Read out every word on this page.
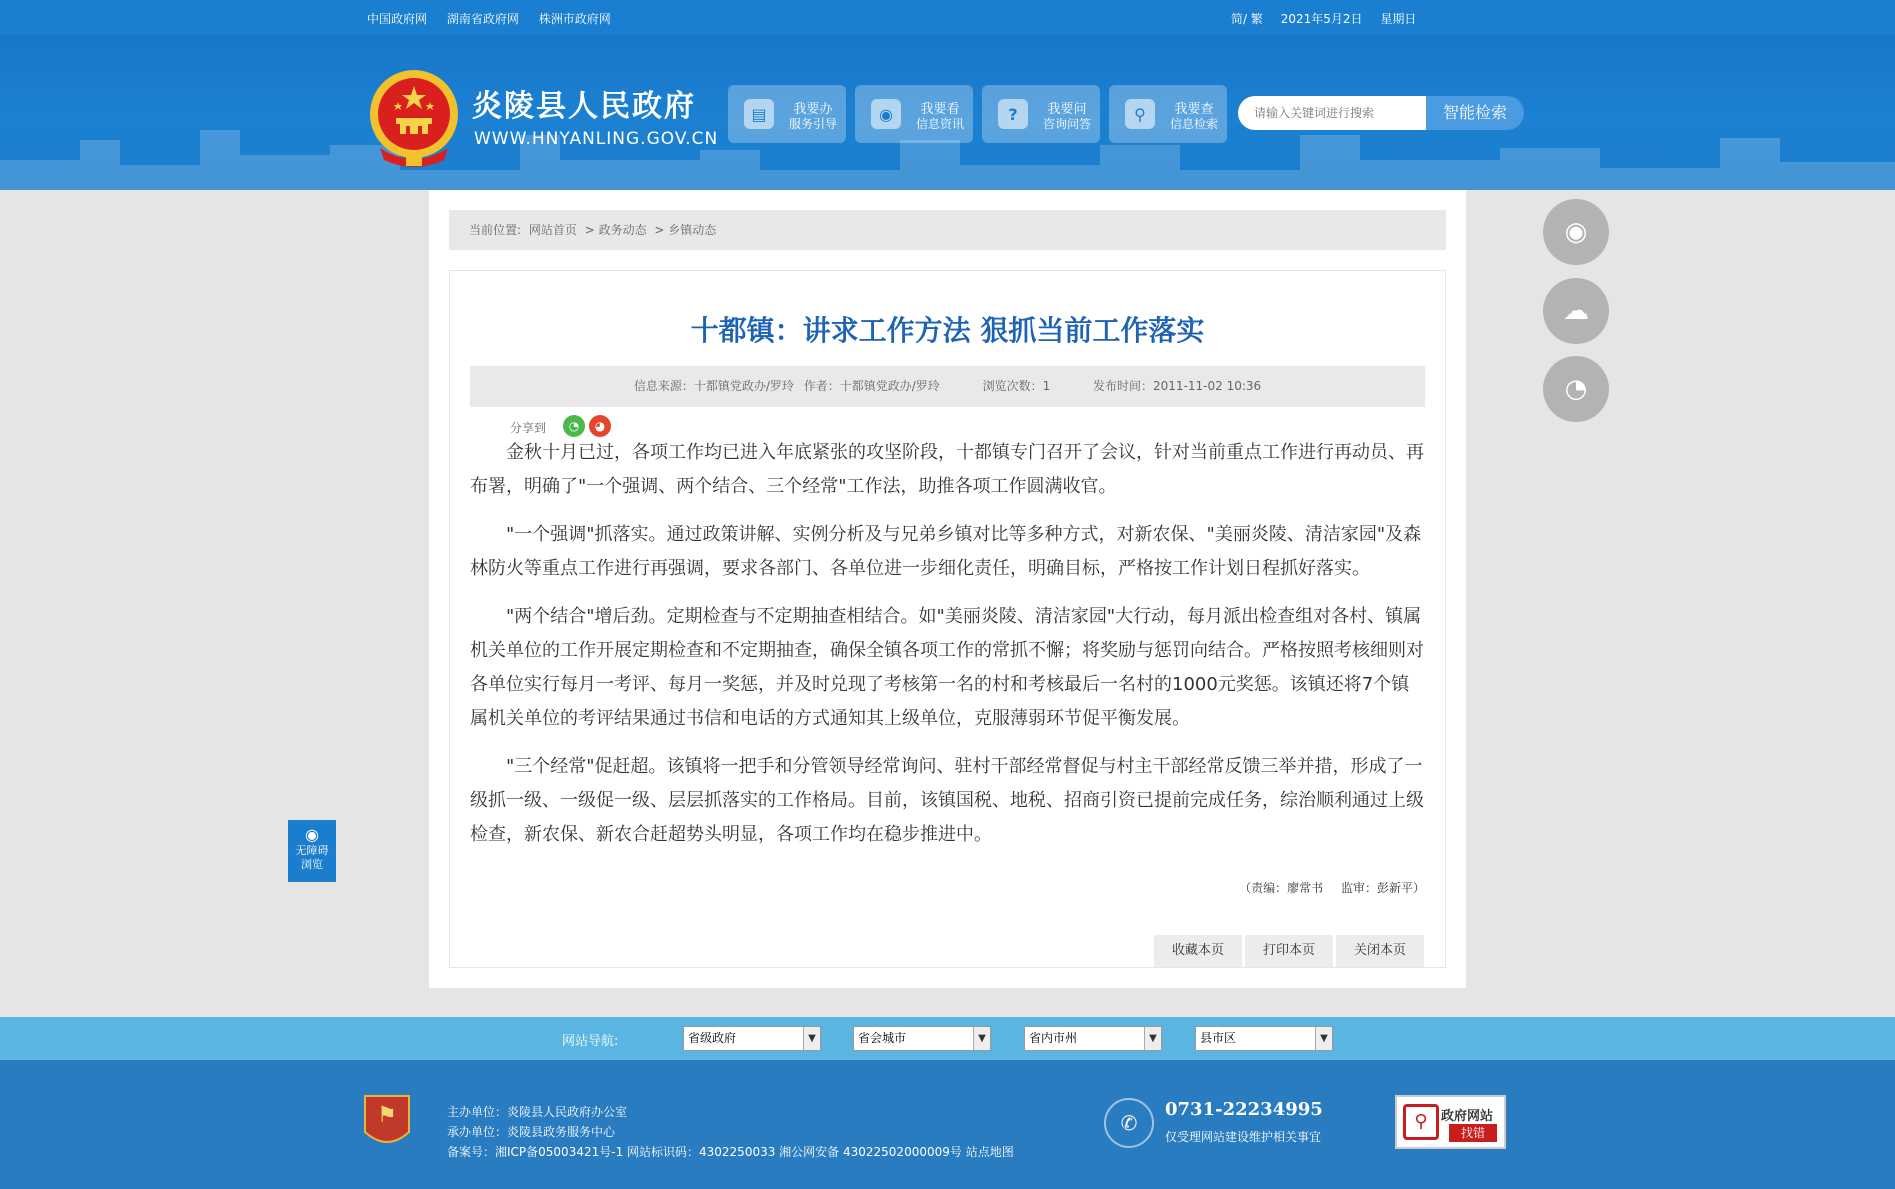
中国政府网 湖南省政府网 株洲市政府网	简/ 繁 2021年5月2日 星期日
炎陵县人民政府
WWW.HNYANLING.GOV.CN
▤	我要办
服务引导
◉	我要看
信息资讯
?	我要问
咨询问答
⚲	我要查
信息检索
请输入关键词进行搜索
智能检索
当前位置: 网站首页 > 政务动态 > 乡镇动态
十都镇：讲求工作方法 狠抓当前工作落实
信息来源：十都镇党政办/罗玲 作者：十都镇党政办/罗玲	浏览次数：1	发布时间：2011-11-02 10:36
分享到	◔	◕

金秋十月已过，各项工作均已进入年底紧张的攻坚阶段，十都镇专门召开了会议，针对当前重点工作进行再动员、再布署，明确了"一个强调、两个结合、三个经常"工作法，助推各项工作圆满收官。

"一个强调"抓落实。通过政策讲解、实例分析及与兄弟乡镇对比等多种方式，对新农保、"美丽炎陵、清洁家园"及森林防火等重点工作进行再强调，要求各部门、各单位进一步细化责任，明确目标，严格按工作计划日程抓好落实。

"两个结合"增后劲。定期检查与不定期抽查相结合。如"美丽炎陵、清洁家园"大行动，每月派出检查组对各村、镇属机关单位的工作开展定期检查和不定期抽查，确保全镇各项工作的常抓不懈；将奖励与惩罚向结合。严格按照考核细则对各单位实行每月一考评、每月一奖惩，并及时兑现了考核第一名的村和考核最后一名村的1000元奖惩。该镇还将7个镇属机关单位的考评结果通过书信和电话的方式通知其上级单位，克服薄弱环节促平衡发展。

"三个经常"促赶超。该镇将一把手和分管领导经常询问、驻村干部经常督促与村主干部经常反馈三举并措，形成了一级抓一级、一级促一级、层层抓落实的工作格局。目前，该镇国税、地税、招商引资已提前完成任务，综治顺利通过上级检查，新农保、新农合赶超势头明显，各项工作均在稳步推进中。

（责编：廖常书 监审：彭新平）
收藏本页	打印本页	关闭本页
◉
☁
◔
◉
无障碍
浏览
网站导航:	省级政府	▼	省会城市	▼	省内市州	▼	县市区	▼
⚑	主办单位：炎陵县人民政府办公室
承办单位：炎陵县政务服务中心
备案号：湘ICP备05003421号-1 网站标识码：4302250033 湘公网安备 43022502000009号 站点地图
✆
0731-22234995
仅受理网站建设维护相关事宜
⚲	政府网站
找错
